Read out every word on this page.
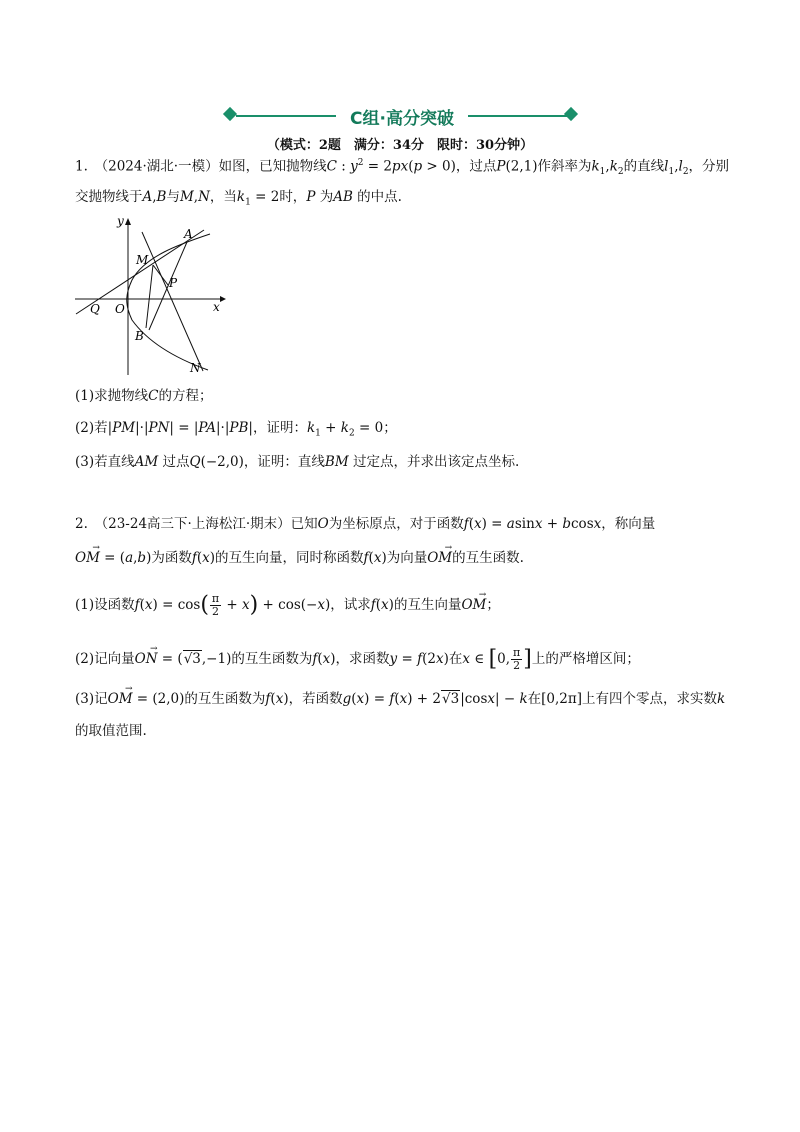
C组·高分突破
（模式：2题　满分：34分　限时：30分钟）
1.　（2024·湖北·一模）如图，已知抛物线C : $y^2 = 2px(p > 0)$，过点P(2,1)作斜率为$k_1,k_2$的直线$l_1,l_2$，分别
交抛物线于A,B与M,N，当$k_1 = 2$时，P 为AB 的中点.
y
x
A
M
P
Q O
B
N
(1)求抛物线C的方程；
(2)若|PM|·|PN| = |PA|·|PB|，证明：$k_1 + k_2 = 0$；
(3)若直线AM 过点Q(−2,0)，证明：直线BM 过定点，并求出该定点坐标.
2.　（23-24高三下·上海松江·期末）已知O为坐标原点，对于函数f(x) = asinx + bcosx，称向量
OM → = (a,b)为函数f(x)的互生向量，同时称函数f(x)为向量OM →的互生函数.
(1)设函数$f(x) = \cos( \frac{\pi}{2} + x) + \cos(-x)$，试求f(x)的互生向量OM →；
(2)记向量ON → = (√3,−1)的互生函数为f(x)，求函数y = f(2x)在x ∈ [0, $\frac{\pi}{2}$ ]上的严格增区间；
(3)记OM → = (2,0)的互生函数为f(x)，若函数g(x) = f(x) + 2√3|cosx| − k在[0,2π]上有四个零点，求实数k
的取值范围.
